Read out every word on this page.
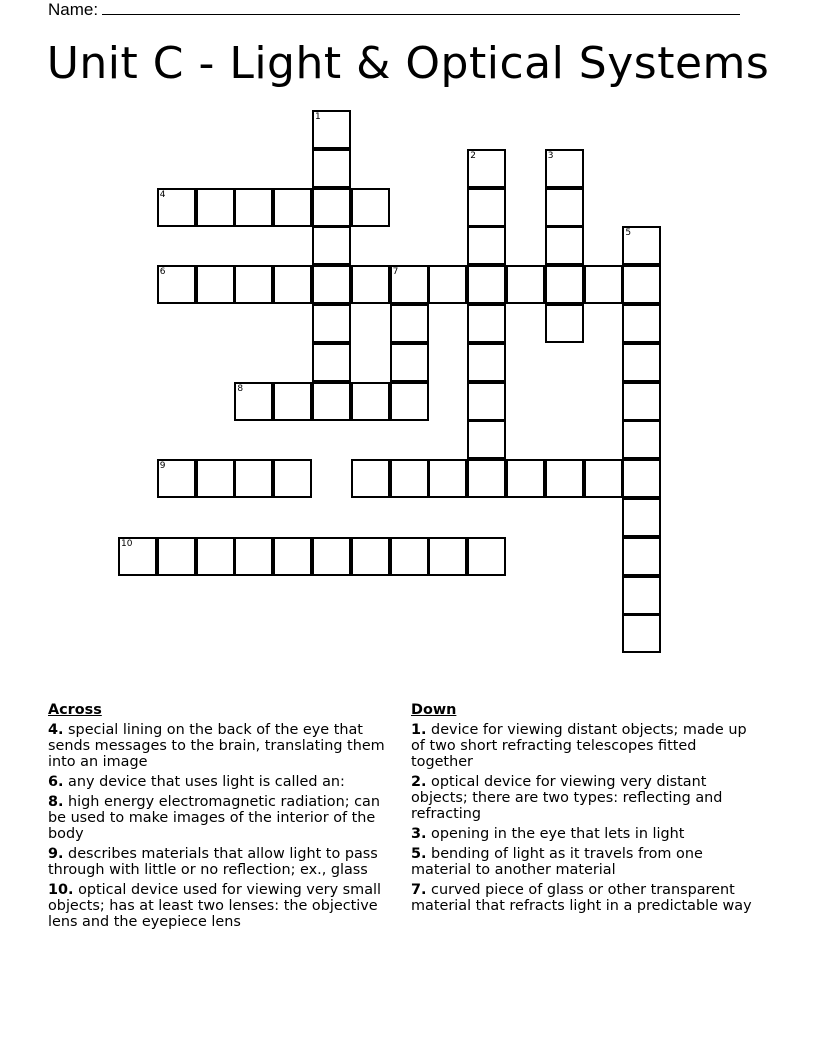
Name:
Unit C - Light & Optical Systems
1
2	3
4
5
6	7
8
9
10
Across
4. special lining on the back of the eye that sends messages to the brain, translating them into an image
6. any device that uses light is called an:
8. high energy electromagnetic radiation; can be used to make images of the interior of the body
9. describes materials that allow light to pass through with little or no reflection; ex., glass
10. optical device used for viewing very small objects; has at least two lenses: the objective lens and the eyepiece lens
Down
1. device for viewing distant objects; made up of two short refracting telescopes fitted together
2. optical device for viewing very distant objects; there are two types: reflecting and refracting
3. opening in the eye that lets in light
5. bending of light as it travels from one material to another material
7. curved piece of glass or other transparent material that refracts light in a predictable way
